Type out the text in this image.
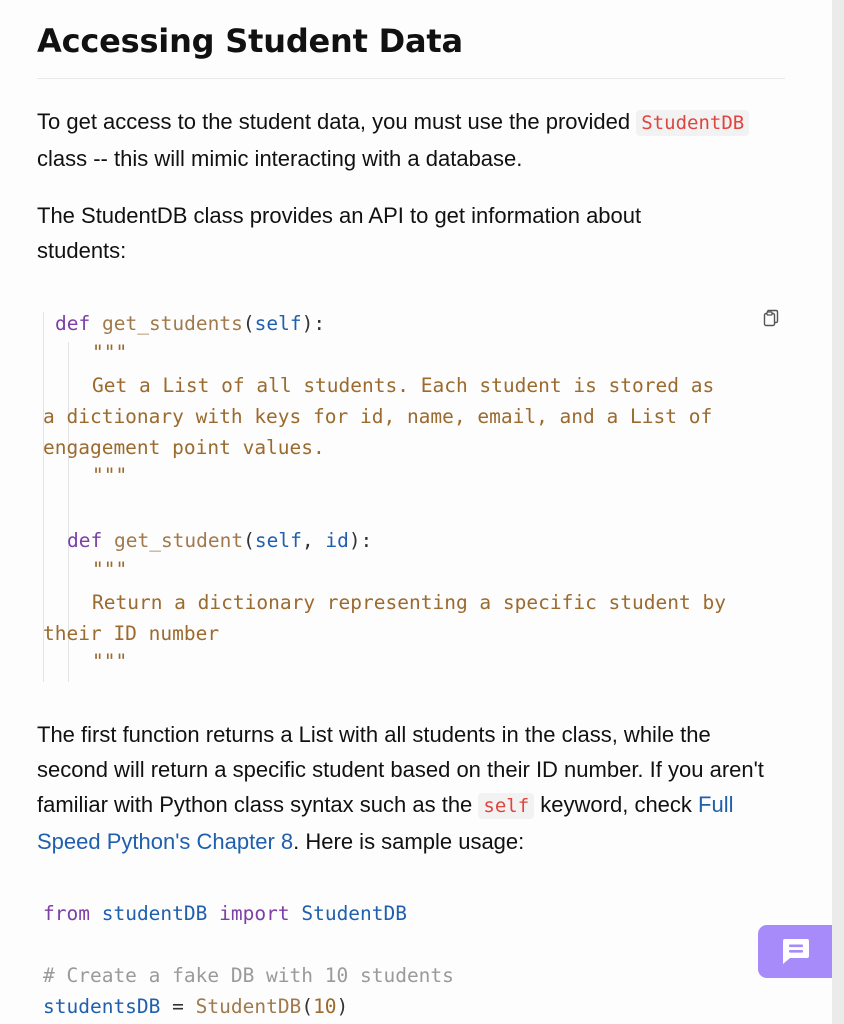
Accessing Student Data

To get access to the student data, you must use the provided StudentDB class -- this will mimic interacting with a database.

The StudentDB class provides an API to get information about students:

The first function returns a List with all students in the class, while the second will return a specific student based on their ID number. If you aren't familiar with Python class syntax such as the self keyword, check Full Speed Python's Chapter 8. Here is sample usage:

def get_students(self):
"""
Get a List of all students. Each student is stored as
a dictionary with keys for id, name, email, and a List of
engagement point values.
"""
def get_student(self, id):
"""
Return a dictionary representing a specific student by
their ID number
"""
from studentDB import StudentDB
# Create a fake DB with 10 students
studentsDB = StudentDB(10)
